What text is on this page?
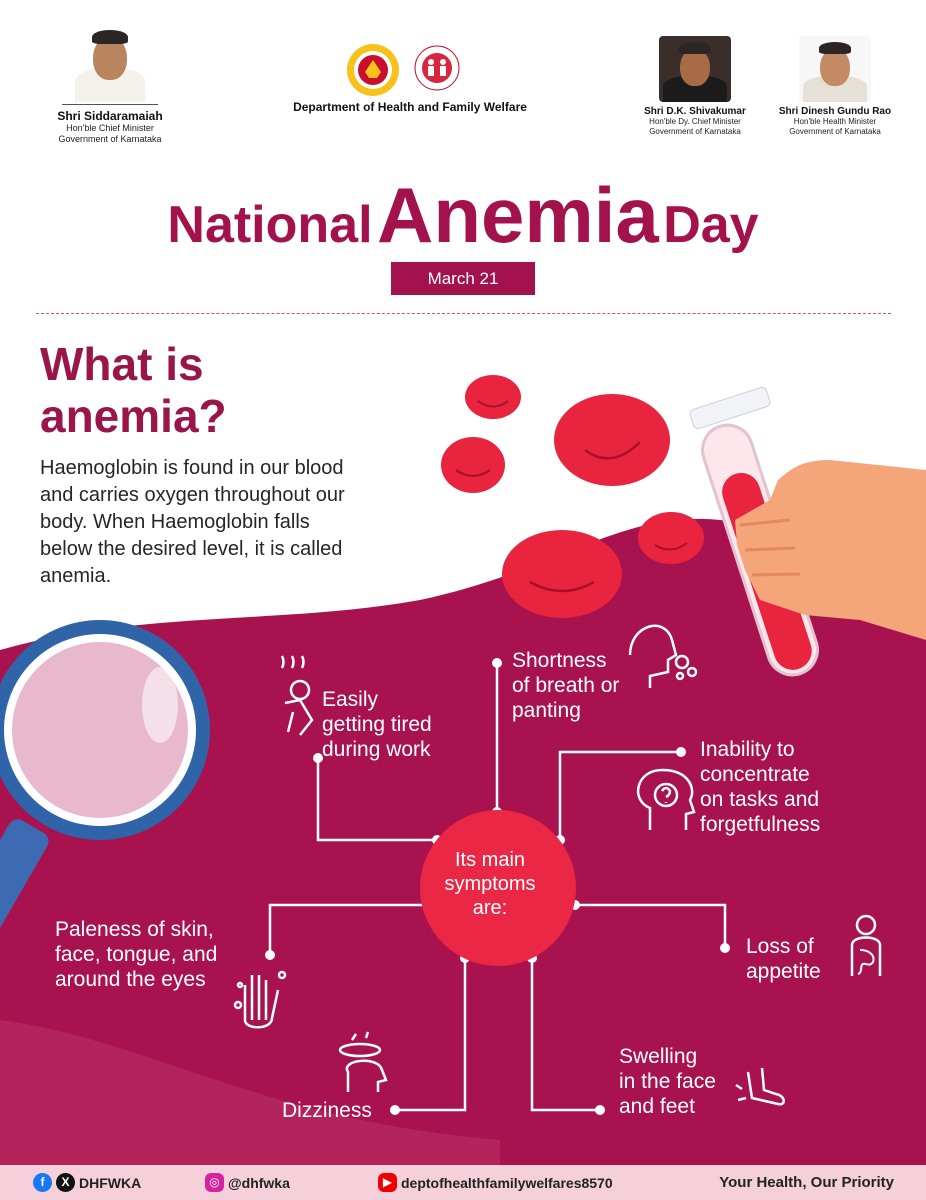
Shri Siddaramaiah
Hon'ble Chief Minister
Government of Karnataka
Department of Health and Family Welfare	Shri D.K. Shivakumar
Hon'ble Dy. Chief Minister
Government of Karnataka
Shri Dinesh Gundu Rao
Hon'ble Health Minister
Government of Karnataka
National Anemia Day
March 21
What is
anemia?
Haemoglobin is found in our blood
and carries oxygen throughout our
body. When Haemoglobin falls
below the desired level, it is called
anemia.
Its main
symptoms
are:
Easily
getting tired
during work
Shortness
of breath or
panting
Inability to
concentrate
on tasks and
forgetfulness
Paleness of skin,
face, tongue, and
around the eyes
Loss of
appetite
Dizziness
Swelling
in the face
and feet
f	X DHFWKA	◎ @dhfwka	▶ deptofhealthfamilywelfares8570	Your Health, Our Priority
